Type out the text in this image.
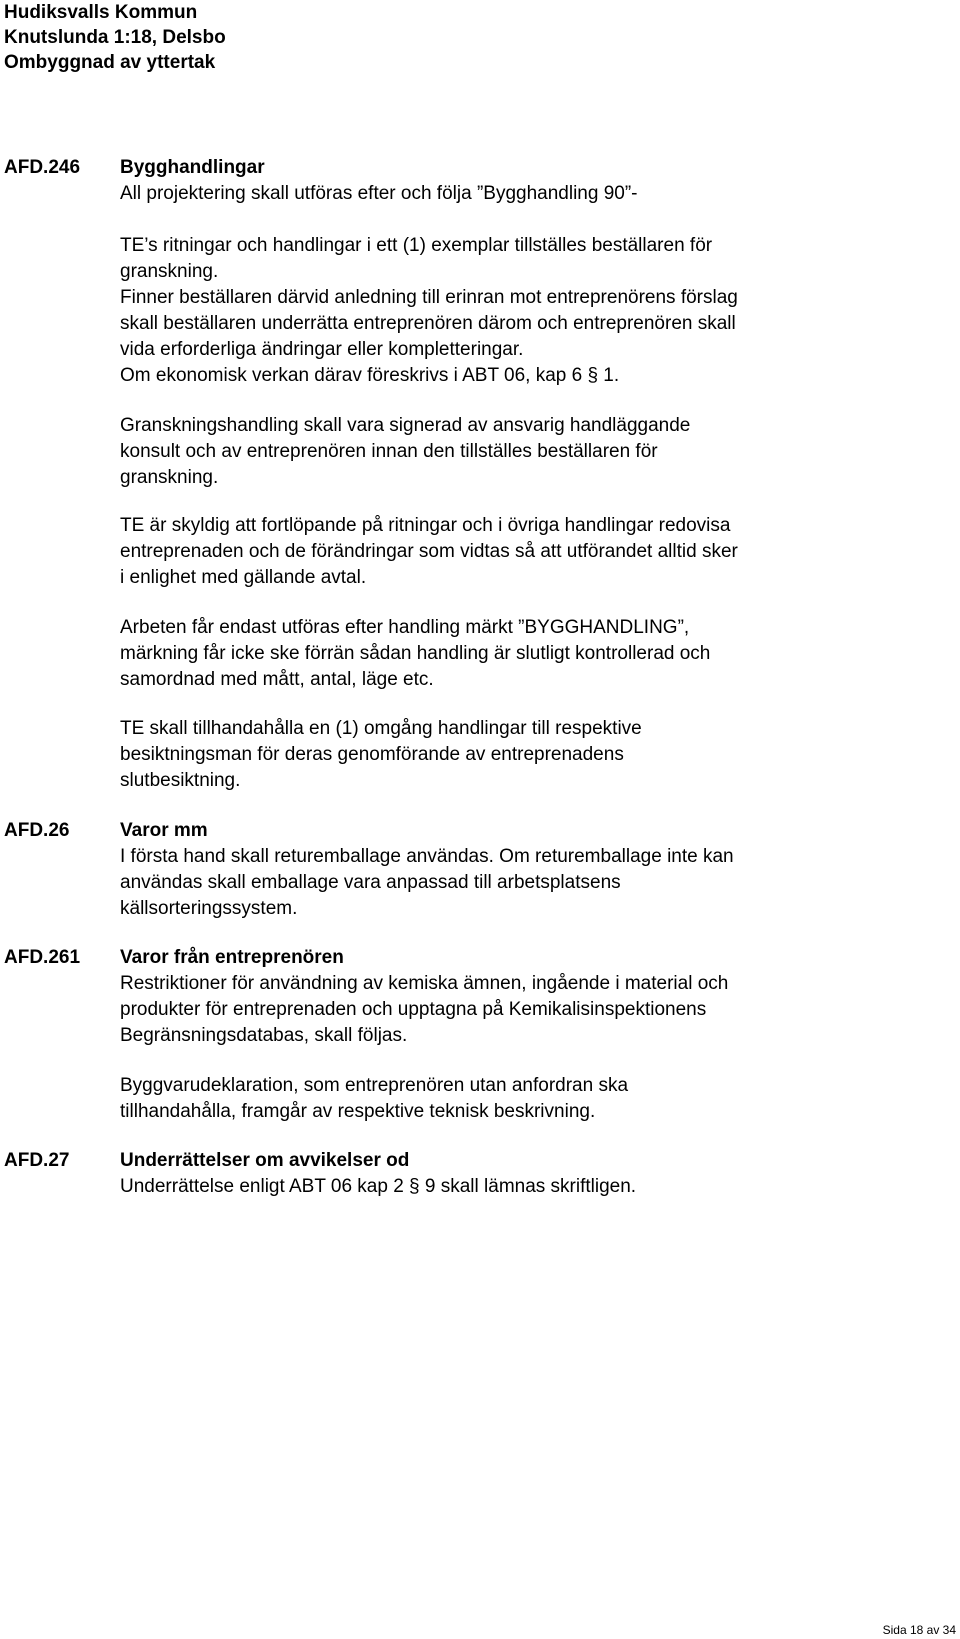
Hudiksvalls Kommun
Knutslunda 1:18, Delsbo
Ombyggnad av yttertak
AFD.246 Bygghandlingar
All projektering skall utföras efter och följa ”Bygghandling 90”-
TE’s ritningar och handlingar i ett (1) exemplar tillställes beställaren för
granskning.
Finner beställaren därvid anledning till erinran mot entreprenörens förslag
skall beställaren underrätta entreprenören därom och entreprenören skall
vida erforderliga ändringar eller kompletteringar.
Om ekonomisk verkan därav föreskrivs i ABT 06, kap 6 § 1.
Granskningshandling skall vara signerad av ansvarig handläggande
konsult och av entreprenören innan den tillställes beställaren för
granskning.
TE är skyldig att fortlöpande på ritningar och i övriga handlingar redovisa
entreprenaden och de förändringar som vidtas så att utförandet alltid sker
i enlighet med gällande avtal.
Arbeten får endast utföras efter handling märkt ”BYGGHANDLING”,
märkning får icke ske förrän sådan handling är slutligt kontrollerad och
samordnad med mått, antal, läge etc.
TE skall tillhandahålla en (1) omgång handlingar till respektive
besiktningsman för deras genomförande av entreprenadens
slutbesiktning.
AFD.26	Varor mm
I första hand skall returemballage användas. Om returemballage inte kan
användas skall emballage vara anpassad till arbetsplatsens
källsorteringssystem.
AFD.261 Varor från entreprenören
Restriktioner för användning av kemiska ämnen, ingående i material och
produkter för entreprenaden och upptagna på Kemikalisinspektionens
Begränsningsdatabas, skall följas.
Byggvarudeklaration, som entreprenören utan anfordran ska
tillhandahålla, framgår av respektive teknisk beskrivning.
AFD.27	Underrättelser om avvikelser od
Underrättelse enligt ABT 06 kap 2 § 9 skall lämnas skriftligen.
Sida 18 av 34
